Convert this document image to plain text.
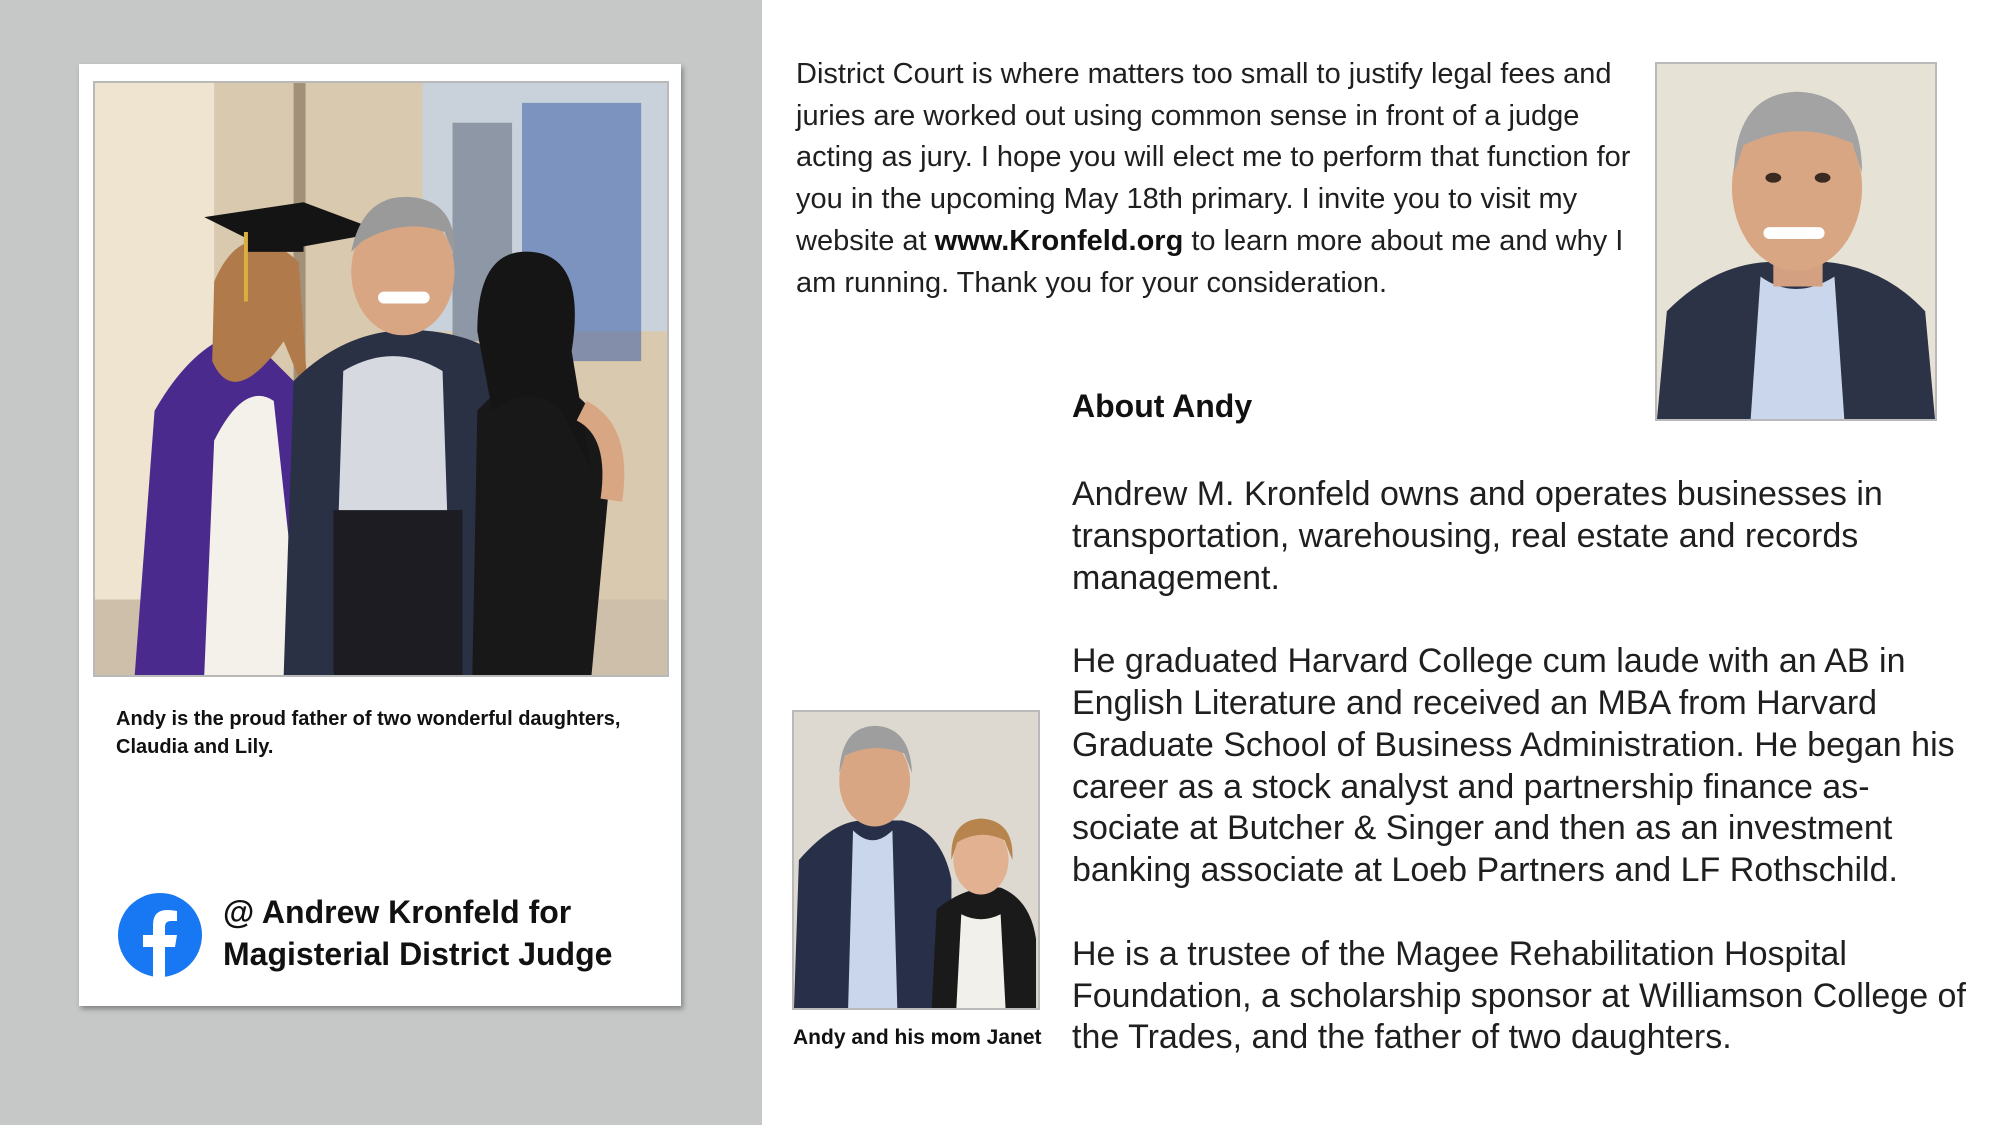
Andy is the proud father of two wonderful daughters, Claudia and Lily.
@ Andrew Kronfeld for
Magisterial District Judge
District Court is where matters too small to justify legal fees and juries are worked out using common sense in front of a judge acting as jury. I hope you will elect me to perform that function for you in the upcoming May 18th primary. I invite you to visit my website at www.Kronfeld.org to learn more about me and why I am running. Thank you for your consideration.
About Andy

Andrew M. Kronfeld owns and operates businesses in transportation, warehousing, real estate and records management.

He graduated Harvard College cum laude with an AB in English Literature and received an MBA from Harvard Graduate School of Business Administration. He began his career as a stock analyst and partnership finance as-sociate at Butcher & Singer and then as an investment banking associate at Loeb Partners and LF Rothschild.

He is a trustee of the Magee Rehabilitation Hospital Foundation, a scholarship sponsor at Williamson College of the Trades, and the father of two daughters.

Andy and his mom Janet
